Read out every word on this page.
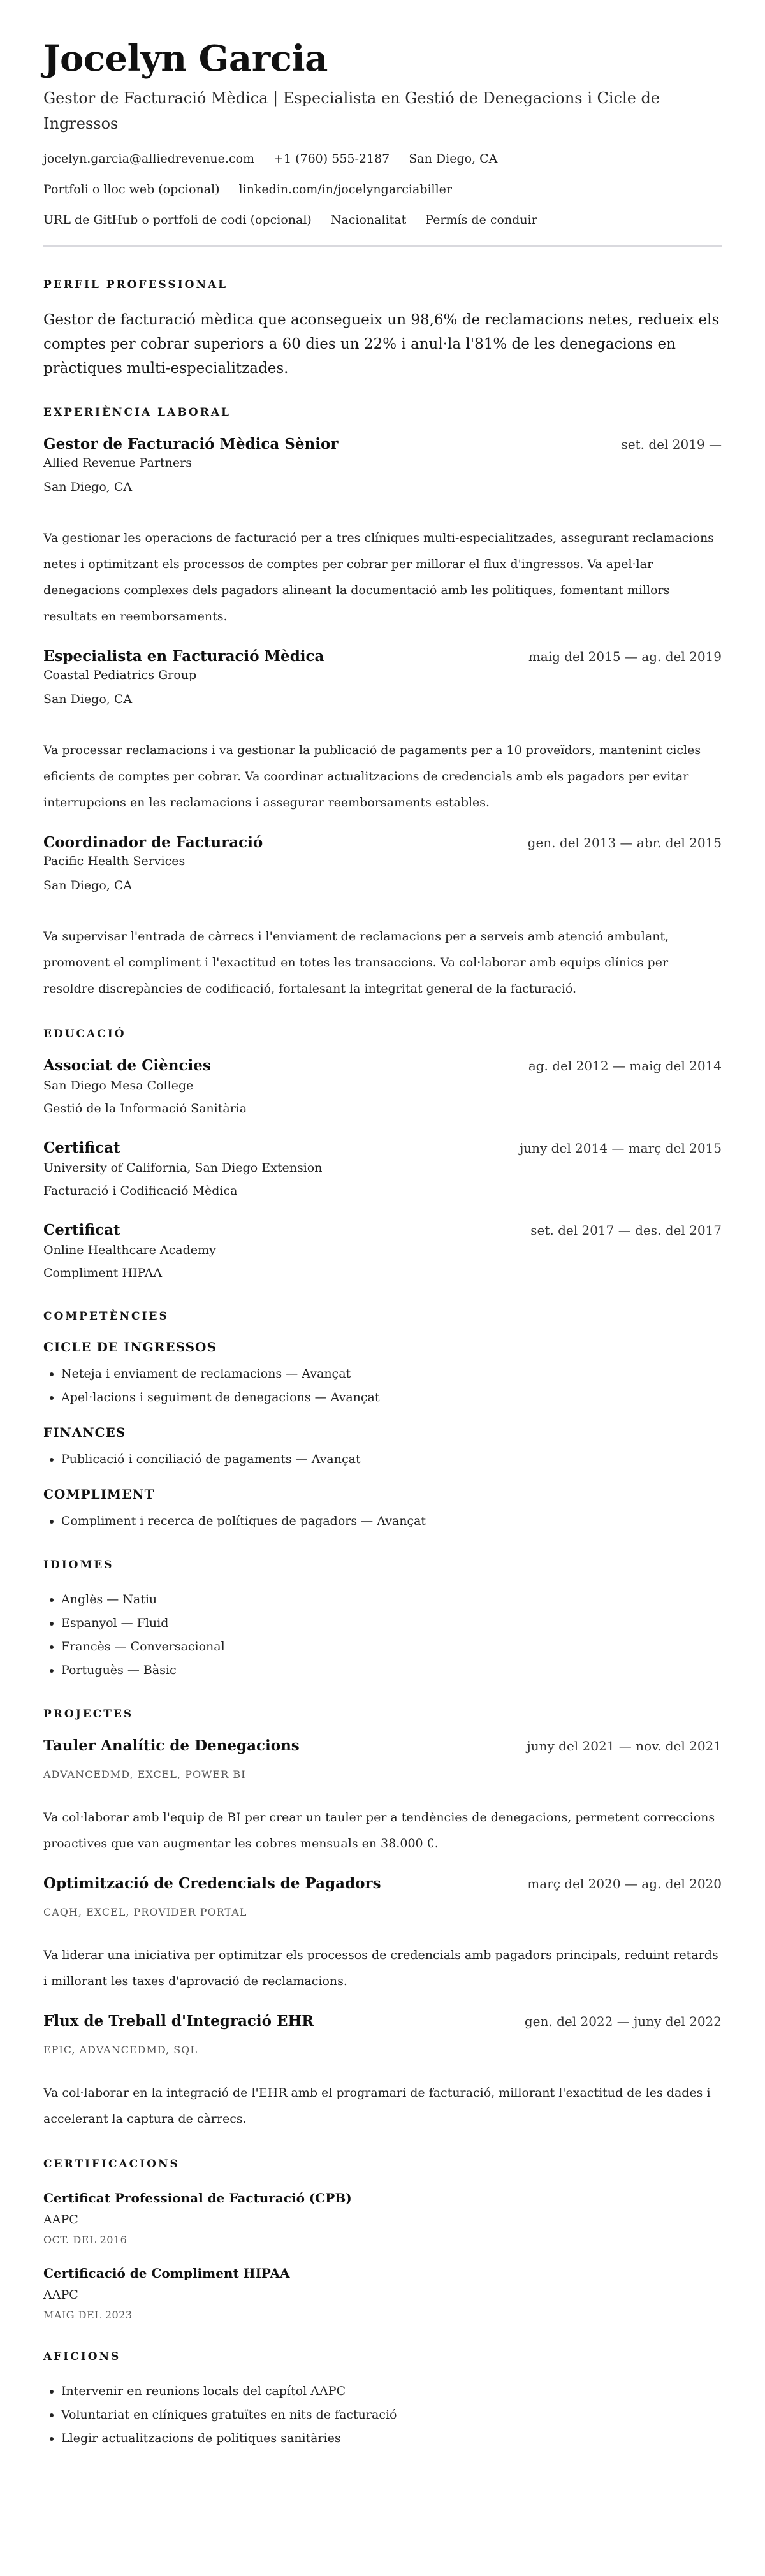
Jocelyn Garcia
Gestor de Facturació Mèdica | Especialista en Gestió de Denegacions i Cicle de Ingressos
jocelyn.garcia@alliedrevenue.com +1 (760) 555-2187 San Diego, CA
Portfoli o lloc web (opcional) linkedin.com/in/jocelyngarciabiller
URL de GitHub o portfoli de codi (opcional) Nacionalitat Permís de conduir
PERFIL PROFESSIONAL

Gestor de facturació mèdica que aconsegueix un 98,6% de reclamacions netes, redueix els comptes per cobrar superiors a 60 dies un 22% i anul·la l'81% de les denegacions en pràctiques multi-especialitzades.

EXPERIÈNCIA LABORAL
Gestor de Facturació Mèdica Sènior	set. del 2019 —
Allied Revenue Partners
San Diego, CA

Va gestionar les operacions de facturació per a tres clíniques multi-especialitzades, assegurant reclamacions netes i optimitzant els processos de comptes per cobrar per millorar el flux d'ingressos. Va apel·lar denegacions complexes dels pagadors alineant la documentació amb les polítiques, fomentant millors resultats en reemborsaments.

Especialista en Facturació Mèdica	maig del 2015 — ag. del 2019
Coastal Pediatrics Group
San Diego, CA

Va processar reclamacions i va gestionar la publicació de pagaments per a 10 proveïdors, mantenint cicles eficients de comptes per cobrar. Va coordinar actualitzacions de credencials amb els pagadors per evitar interrupcions en les reclamacions i assegurar reemborsaments estables.

Coordinador de Facturació	gen. del 2013 — abr. del 2015
Pacific Health Services
San Diego, CA

Va supervisar l'entrada de càrrecs i l'enviament de reclamacions per a serveis amb atenció ambulant, promovent el compliment i l'exactitud en totes les transaccions. Va col·laborar amb equips clínics per resoldre discrepàncies de codificació, fortalesant la integritat general de la facturació.

EDUCACIÓ
Associat de Ciències	ag. del 2012 — maig del 2014
San Diego Mesa College
Gestió de la Informació Sanitària
Certificat	juny del 2014 — març del 2015
University of California, San Diego Extension
Facturació i Codificació Mèdica
Certificat	set. del 2017 — des. del 2017
Online Healthcare Academy
Compliment HIPAA
COMPETÈNCIES
CICLE DE INGRESSOS
• Neteja i enviament de reclamacions — Avançat
• Apel·lacions i seguiment de denegacions — Avançat
FINANCES
• Publicació i conciliació de pagaments — Avançat
COMPLIMENT
• Compliment i recerca de polítiques de pagadors — Avançat
IDIOMES
• Anglès — Natiu
• Espanyol — Fluid
• Francès — Conversacional
• Portuguès — Bàsic
PROJECTES
Tauler Analític de Denegacions	juny del 2021 — nov. del 2021
ADVANCEDMD, EXCEL, POWER BI

Va col·laborar amb l'equip de BI per crear un tauler per a tendències de denegacions, permetent correccions proactives que van augmentar les cobres mensuals en 38.000 €.

Optimització de Credencials de Pagadors	març del 2020 — ag. del 2020
CAQH, EXCEL, PROVIDER PORTAL

Va liderar una iniciativa per optimitzar els processos de credencials amb pagadors principals, reduint retards i millorant les taxes d'aprovació de reclamacions.

Flux de Treball d'Integració EHR	gen. del 2022 — juny del 2022
EPIC, ADVANCEDMD, SQL

Va col·laborar en la integració de l'EHR amb el programari de facturació, millorant l'exactitud de les dades i accelerant la captura de càrrecs.

CERTIFICACIONS
Certificat Professional de Facturació (CPB)
AAPC
OCT. DEL 2016
Certificació de Compliment HIPAA
AAPC
MAIG DEL 2023
AFICIONS
• Intervenir en reunions locals del capítol AAPC
• Voluntariat en clíniques gratuïtes en nits de facturació
• Llegir actualitzacions de polítiques sanitàries
